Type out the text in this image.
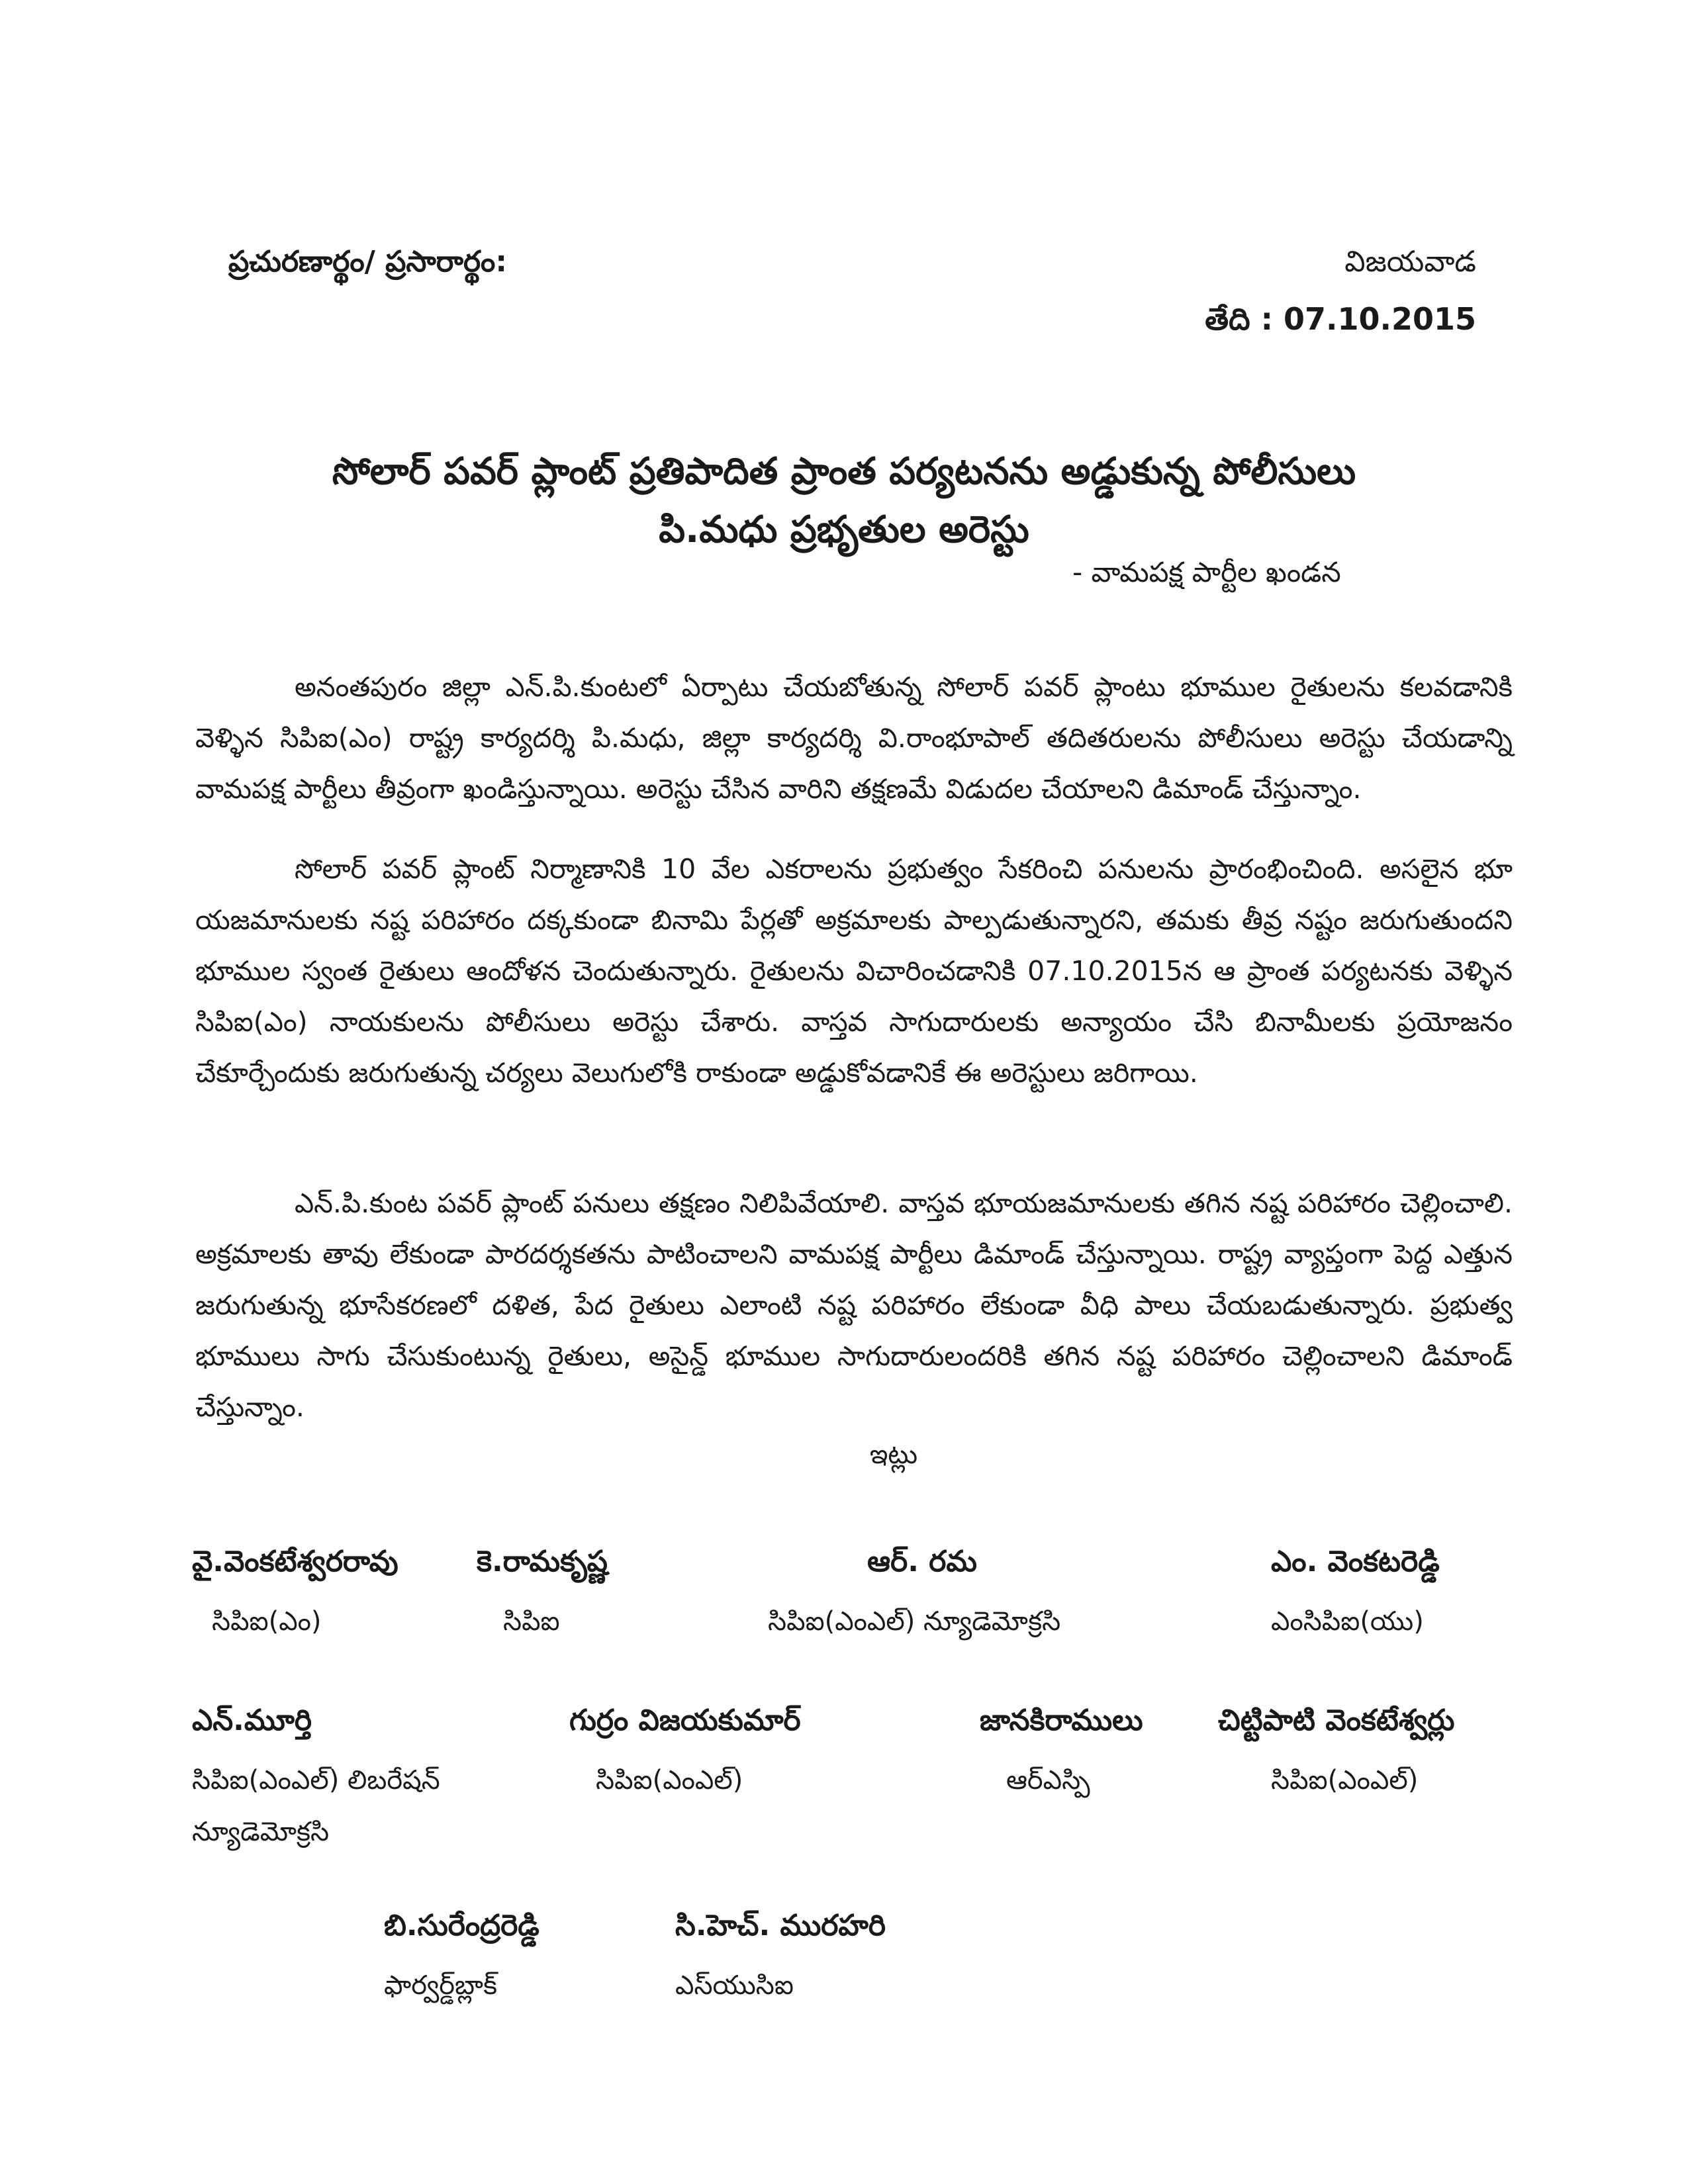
ప్రచురణార్థం/ ప్రసారార్థం:	విజయవాడ
తేది : 07.10.2015
సోలార్ పవర్ ప్లాంట్ ప్రతిపాదిత ప్రాంత పర్యటనను అడ్డుకున్న పోలీసులు
పి.మధు ప్రభృతుల అరెస్టు
- వామపక్ష పార్టీల ఖండన
అనంతపురం జిల్లా ఎన్.పి.కుంటలో ఏర్పాటు చేయబోతున్న సోలార్ పవర్ ప్లాంటు భూముల రైతులను కలవడానికి వెళ్ళిన సిపిఐ(ఎం) రాష్ట్ర కార్యదర్శి పి.మధు, జిల్లా కార్యదర్శి వి.రాంభూపాల్ తదితరులను పోలీసులు అరెస్టు చేయడాన్ని వామపక్ష పార్టీలు తీవ్రంగా ఖండిస్తున్నాయి. అరెస్టు చేసిన వారిని తక్షణమే విడుదల చేయాలని డిమాండ్ చేస్తున్నాం.
సోలార్ పవర్ ప్లాంట్ నిర్మాణానికి 10 వేల ఎకరాలను ప్రభుత్వం సేకరించి పనులను ప్రారంభించింది. అసలైన భూ యజమానులకు నష్ట పరిహారం దక్కకుండా బినామి పేర్లతో అక్రమాలకు పాల్పడుతున్నారని, తమకు తీవ్ర నష్టం జరుగుతుందని భూముల స్వంత రైతులు ఆందోళన చెందుతున్నారు. రైతులను విచారించడానికి 07.10.2015న ఆ ప్రాంత పర్యటనకు వెళ్ళిన సిపిఐ(ఎం) నాయకులను పోలీసులు అరెస్టు చేశారు. వాస్తవ సాగుదారులకు అన్యాయం చేసి బినామీలకు ప్రయోజనం చేకూర్చేందుకు జరుగుతున్న చర్యలు వెలుగులోకి రాకుండా అడ్డుకోవడానికే ఈ అరెస్టులు జరిగాయి.
ఎన్.పి.కుంట పవర్ ప్లాంట్ పనులు తక్షణం నిలిపివేయాలి. వాస్తవ భూయజమానులకు తగిన నష్ట పరిహారం చెల్లించాలి. అక్రమాలకు తావు లేకుండా పారదర్శకతను పాటించాలని వామపక్ష పార్టీలు డిమాండ్ చేస్తున్నాయి. రాష్ట్ర వ్యాప్తంగా పెద్ద ఎత్తున జరుగుతున్న భూసేకరణలో దళిత, పేద రైతులు ఎలాంటి నష్ట పరిహారం లేకుండా వీధి పాలు చేయబడుతున్నారు. ప్రభుత్వ భూములు సాగు చేసుకుంటున్న రైతులు, అసైన్డ్ భూముల సాగుదారులందరికి తగిన నష్ట పరిహారం చెల్లించాలని డిమాండ్ చేస్తున్నాం.
ఇట్లు
వై.వెంకటేశ్వరరావు
సిపిఐ(ఎం)
కె.రామకృష్ణ
సిపిఐ
ఆర్. రమ
సిపిఐ(ఎంఎల్) న్యూడెమోక్రసి
ఎం. వెంకటరెడ్డి
ఎంసిపిఐ(యు)
ఎన్.మూర్తి
సిపిఐ(ఎంఎల్) లిబరేషన్
న్యూడెమోక్రసి
గుర్రం విజయకుమార్
సిపిఐ(ఎంఎల్)
జానకిరాములు
ఆర్ఎస్పి
చిట్టిపాటి వెంకటేశ్వర్లు
సిపిఐ(ఎంఎల్)
బి.సురేంద్రరెడ్డి
ఫార్వర్డ్‌బ్లాక్
సి.హెచ్. మురహరి
ఎస్‌యుసిఐ
